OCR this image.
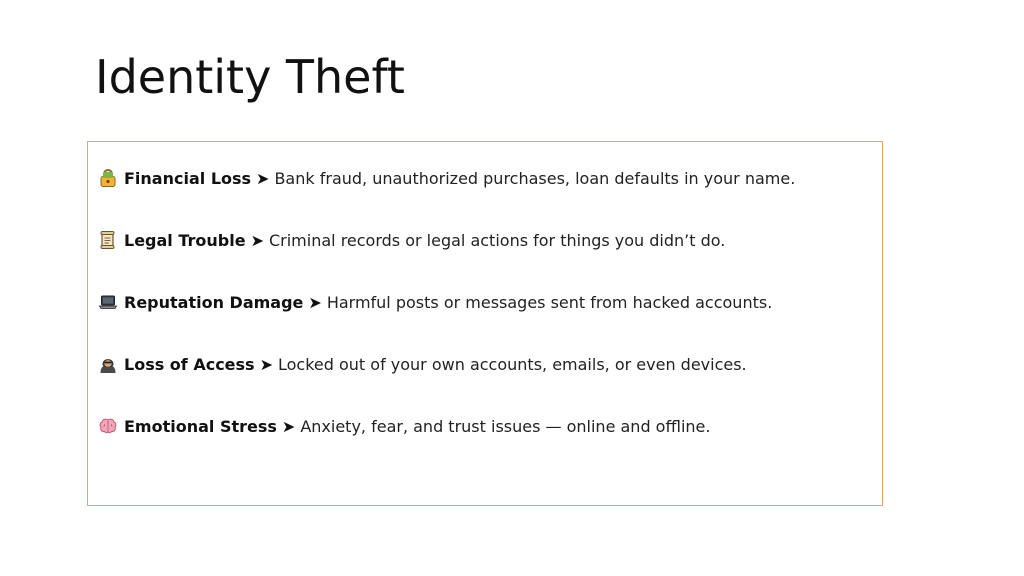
Identity Theft
Financial Loss ➤ Bank fraud, unauthorized purchases, loan defaults in your name.
Legal Trouble ➤ Criminal records or legal actions for things you didn’t do.
Reputation Damage ➤ Harmful posts or messages sent from hacked accounts.
Loss of Access ➤ Locked out of your own accounts, emails, or even devices.
Emotional Stress ➤ Anxiety, fear, and trust issues — online and offline.
